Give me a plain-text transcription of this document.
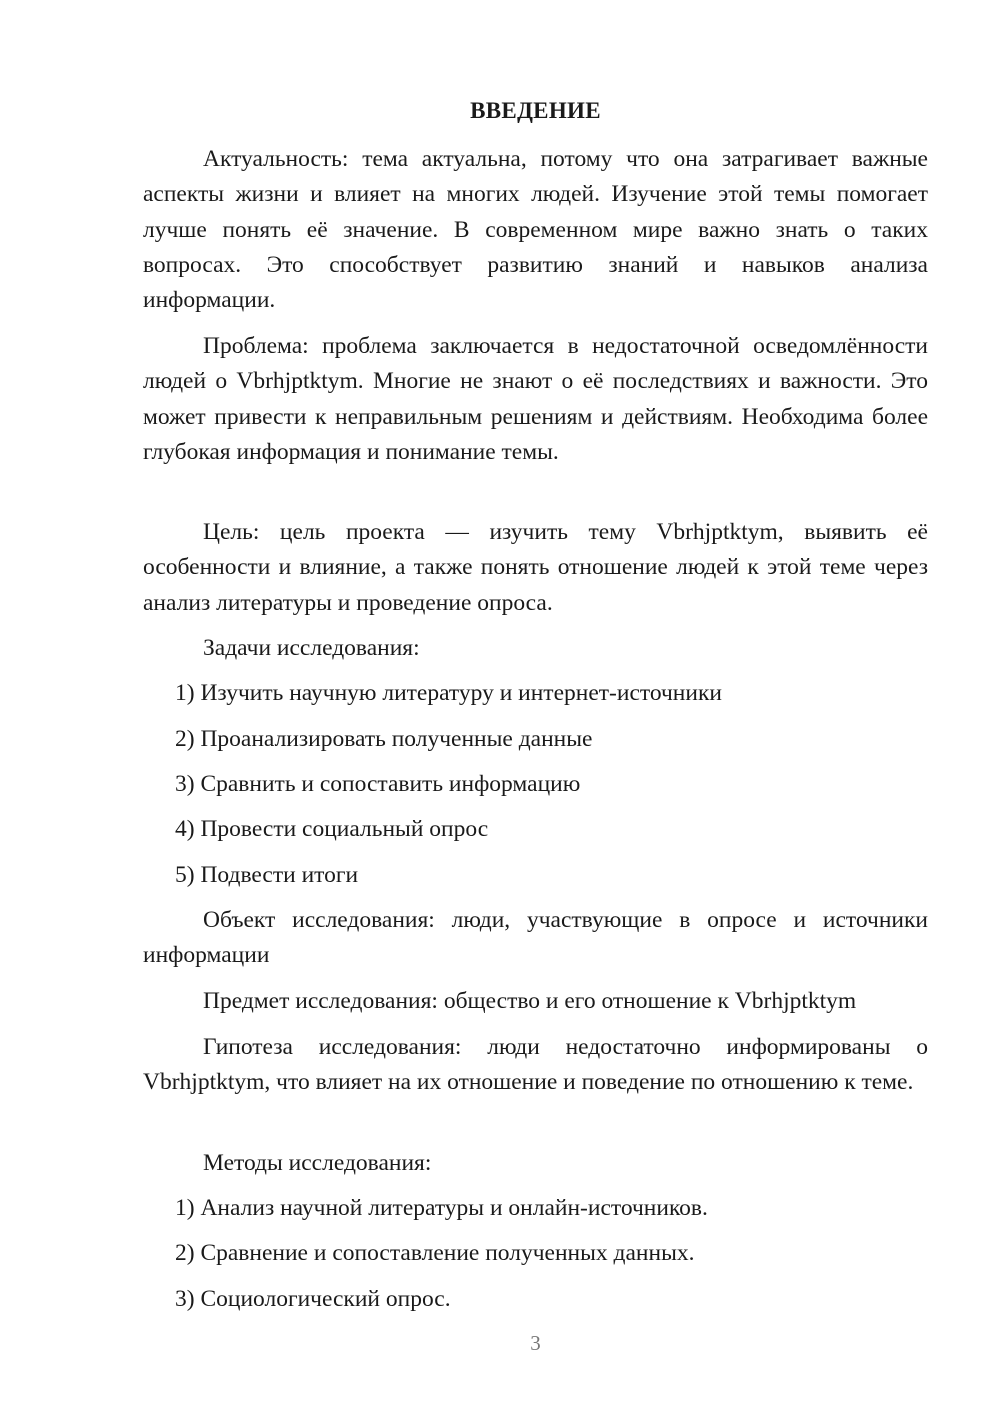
ВВЕДЕНИЕ

Актуальность: тема актуальна, потому что она затрагивает важные аспекты жизни и влияет на многих людей. Изучение этой темы помогает лучше понять её значение. В современном мире важно знать о таких вопросах. Это способствует развитию знаний и навыков анализа информации.

Проблема: проблема заключается в недостаточной осведомлённости людей о Vbrhjptktym. Многие не знают о её последствиях и важности. Это может привести к неправильным решениям и действиям. Необходима более глубокая информация и понимание темы.

Цель: цель проекта — изучить тему Vbrhjptktym, выявить её особенности и влияние, а также понять отношение людей к этой теме через анализ литературы и проведение опроса.

Задачи исследования:
1) Изучить научную литературу и интернет-источники
2) Проанализировать полученные данные
3) Сравнить и сопоставить информацию
4) Провести социальный опрос
5) Подвести итоги

Объект исследования: люди, участвующие в опросе и источники информации

Предмет исследования: общество и его отношение к Vbrhjptktym

Гипотеза исследования: люди недостаточно информированы о Vbrhjptktym, что влияет на их отношение и поведение по отношению к теме.

Методы исследования:
1) Анализ научной литературы и онлайн-источников.
2) Сравнение и сопоставление полученных данных.
3) Социологический опрос.
3
